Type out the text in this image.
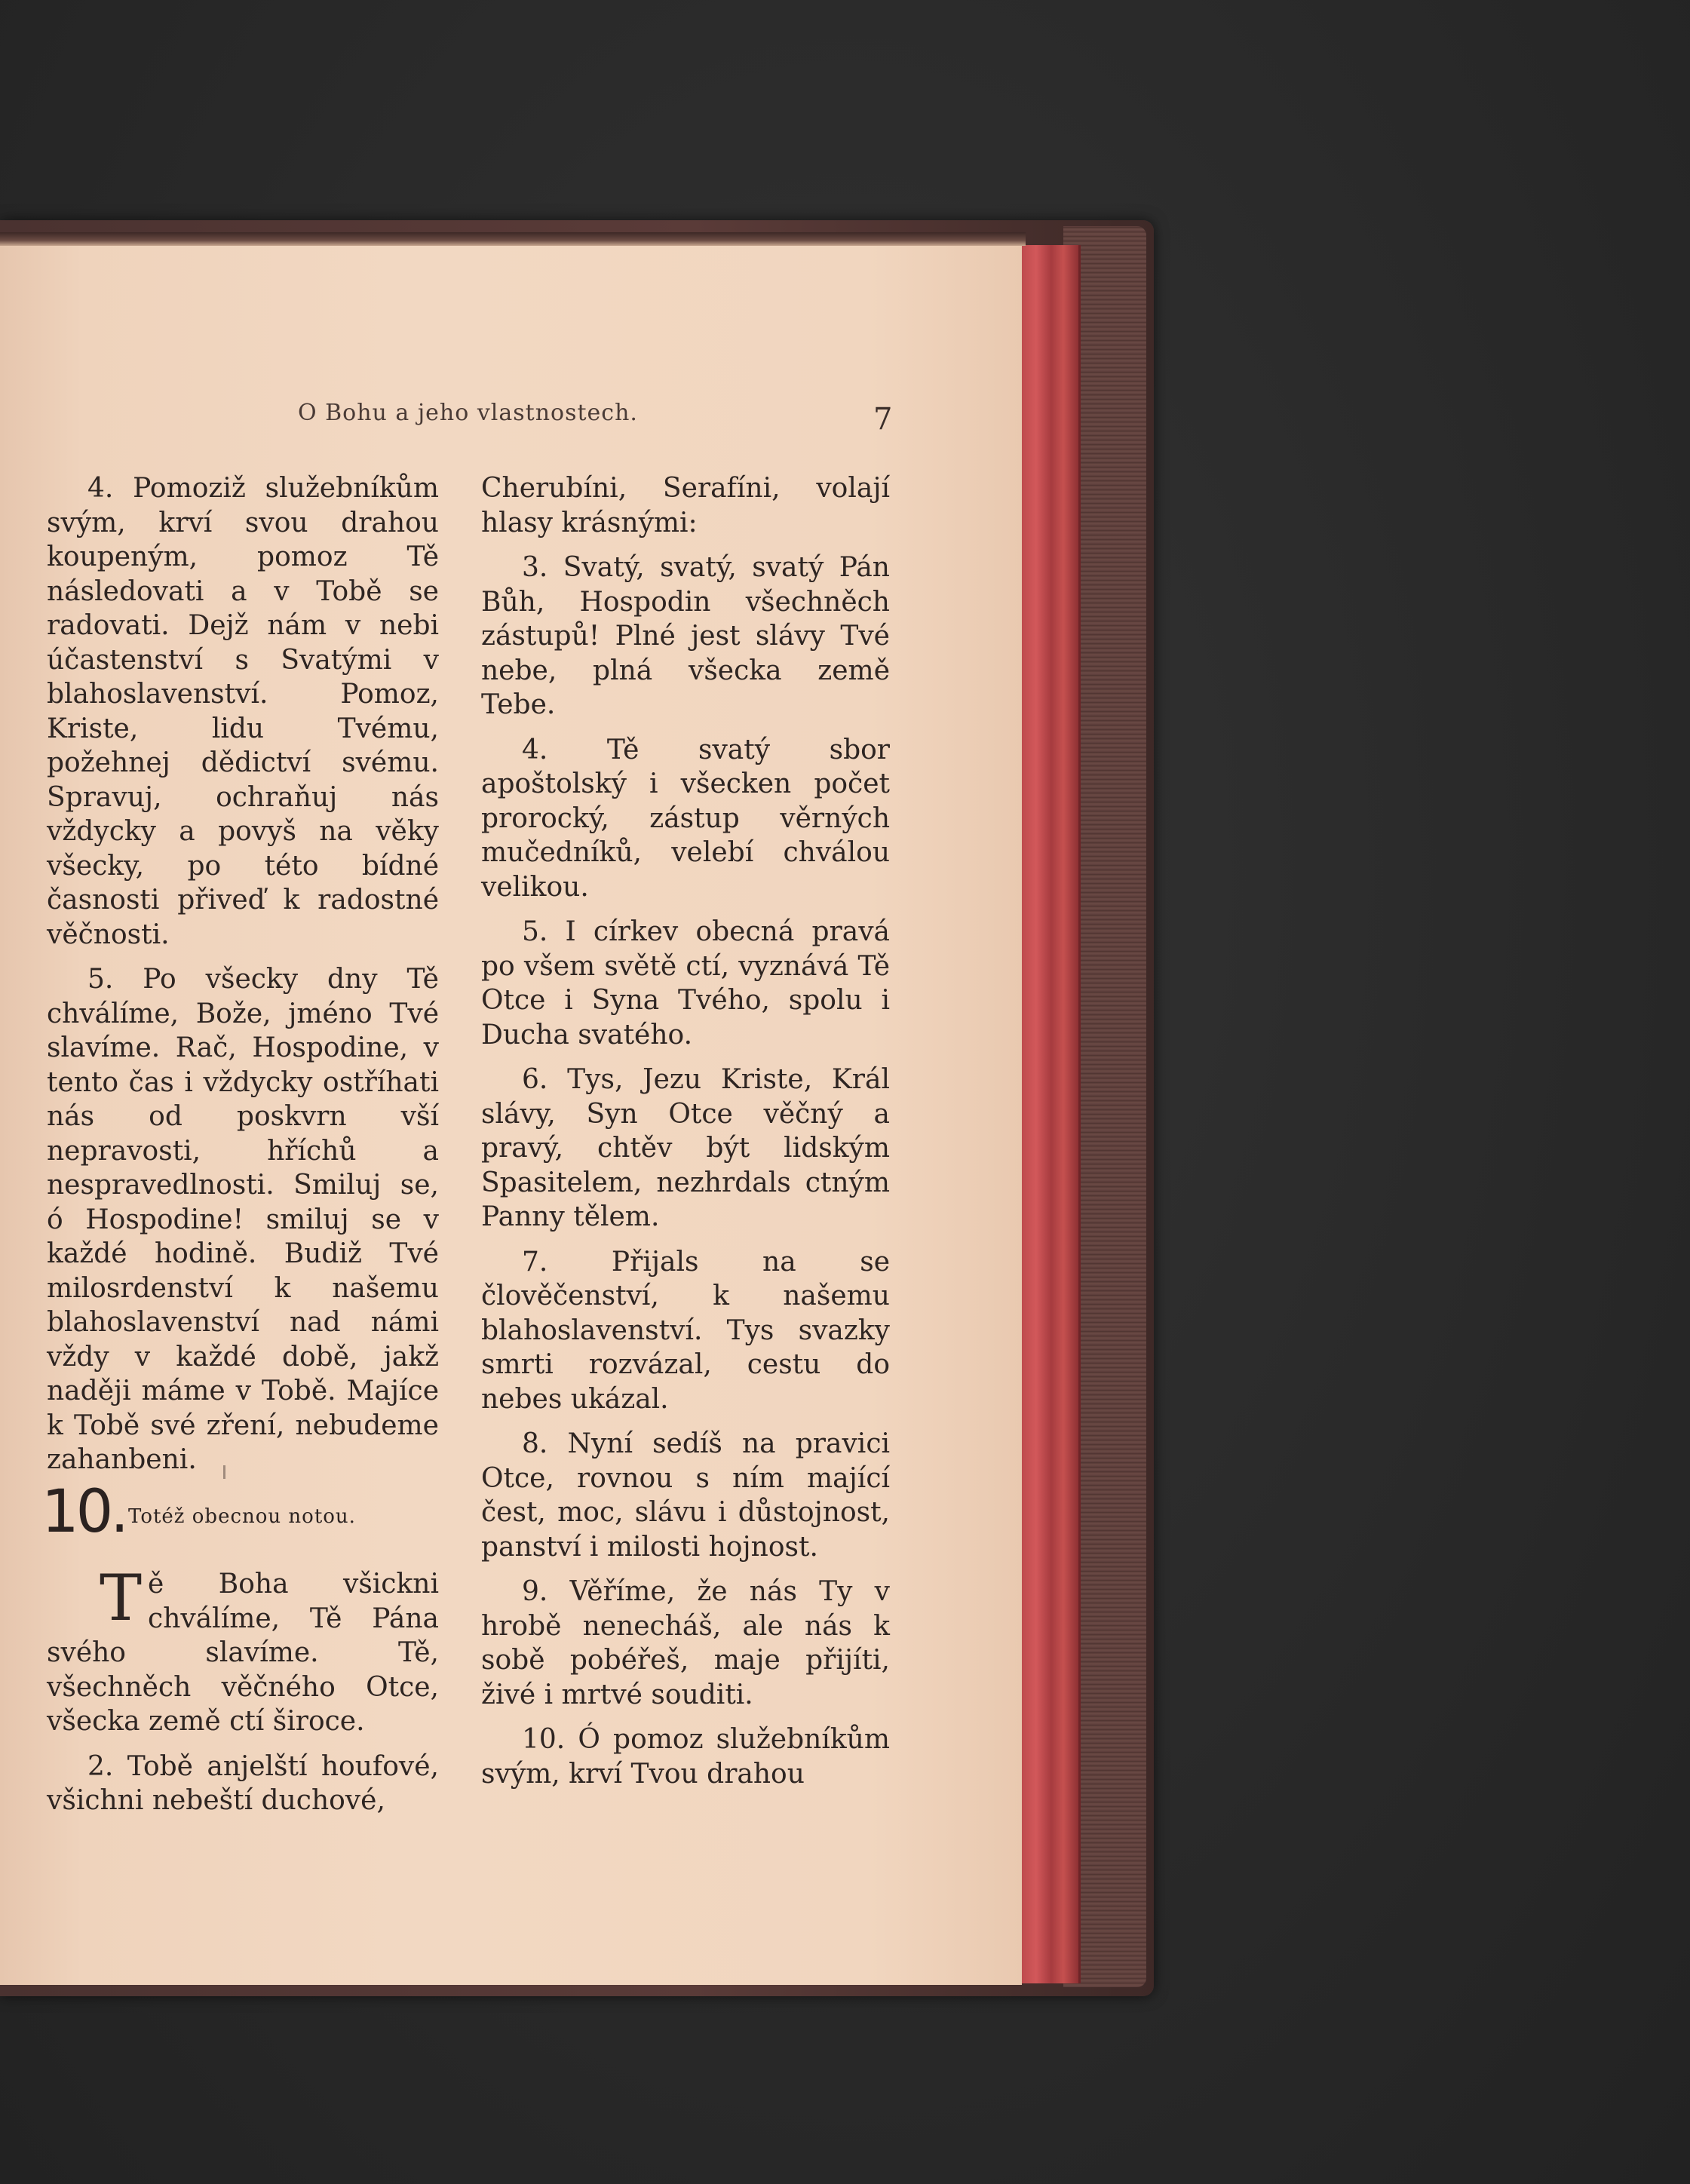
O Bohu a jeho vlastnostech.	7

4. Pomoziž služebníkům svým, krví svou drahou koupeným, pomoz Tě následovati a v Tobě se radovati. Dejž nám v nebi účastenství s Svatými v blahoslavenství. Pomoz, Kriste, lidu Tvému, požehnej dědictví svému. Spravuj, ochraňuj nás vždycky a povyš na věky všecky, po této bídné časnosti přiveď k radostné věčnosti.

5. Po všecky dny Tě chválíme, Bože, jméno Tvé slavíme. Rač, Hospodine, v tento čas i vždycky ostříhati nás od poskvrn vší nepravosti, hříchů a nespravedlnosti. Smiluj se, ó Hospodine! smiluj se v každé hodině. Budiž Tvé milosrdenství k našemu blahoslavenství nad námi vždy v každé době, jakž naději máme v Tobě. Majíce k Tobě své zření, nebudeme zahanbeni.

10. Totéž obecnou notou.

Tě Boha všickni chválíme, Tě Pána svého slavíme. Tě, všechněch věčného Otce, všecka země ctí široce.

2. Tobě anjelští houfové, všichni nebeští duchové,

Cherubíni, Serafíni, volají hlasy krásnými:

3. Svatý, svatý, svatý Pán Bůh, Hospodin všechněch zástupů! Plné jest slávy Tvé nebe, plná všecka země Tebe.

4. Tě svatý sbor apoštolský i všecken počet prorocký, zástup věrných mučedníků, velebí chválou velikou.

5. I církev obecná pravá po všem světě ctí, vyznává Tě Otce i Syna Tvého, spolu i Ducha svatého.

6. Tys, Jezu Kriste, Král slávy, Syn Otce věčný a pravý, chtěv být lidským Spasitelem, nezhrdals ctným Panny tělem.

7. Přijals na se člověčenství, k našemu blahoslavenství. Tys svazky smrti rozvázal, cestu do nebes ukázal.

8. Nyní sedíš na pravici Otce, rovnou s ním mající čest, moc, slávu i důstojnost, panství i milosti hojnost.

9. Věříme, že nás Ty v hrobě nenecháš, ale nás k sobě pobéřeš, maje přijíti, živé i mrtvé souditi.

10. Ó pomoz služebníkům svým, krví Tvou drahou
